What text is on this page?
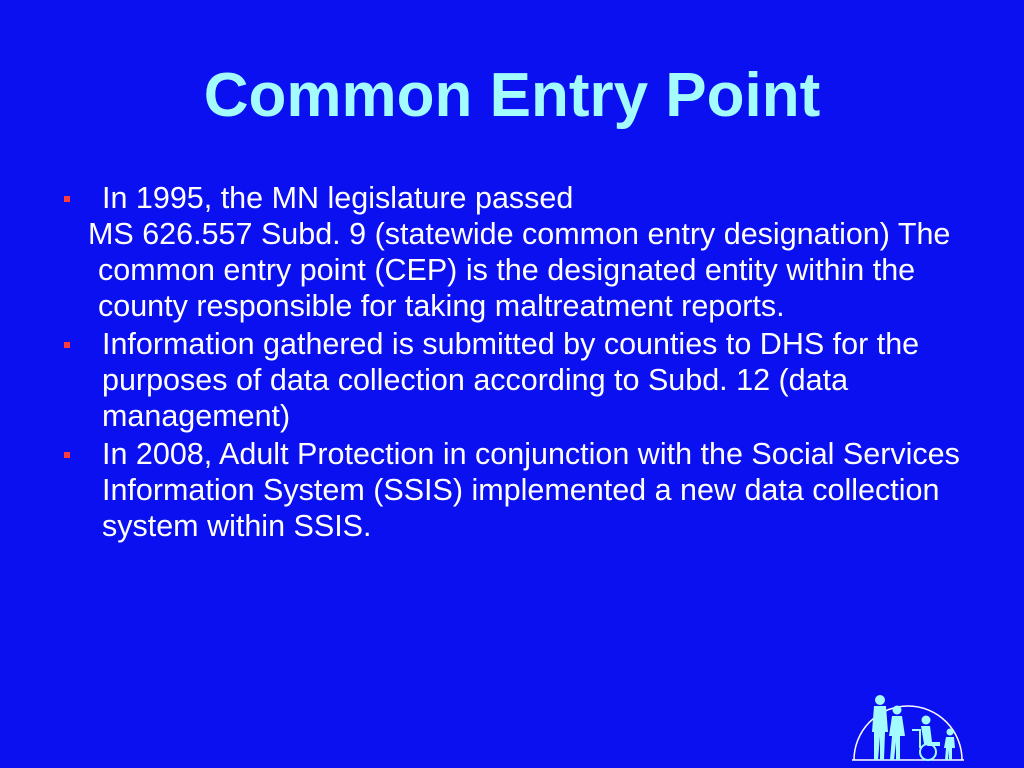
Common Entry Point
In 1995, the MN legislature passed
MS 626.557 Subd. 9 (statewide common entry designation) The common entry point (CEP) is the designated entity within the county responsible for taking maltreatment reports.
Information gathered is submitted by counties to DHS for the purposes of data collection according to Subd. 12 (data management)
In 2008, Adult Protection in conjunction with the Social Services Information System (SSIS) implemented a new data collection system within SSIS.
